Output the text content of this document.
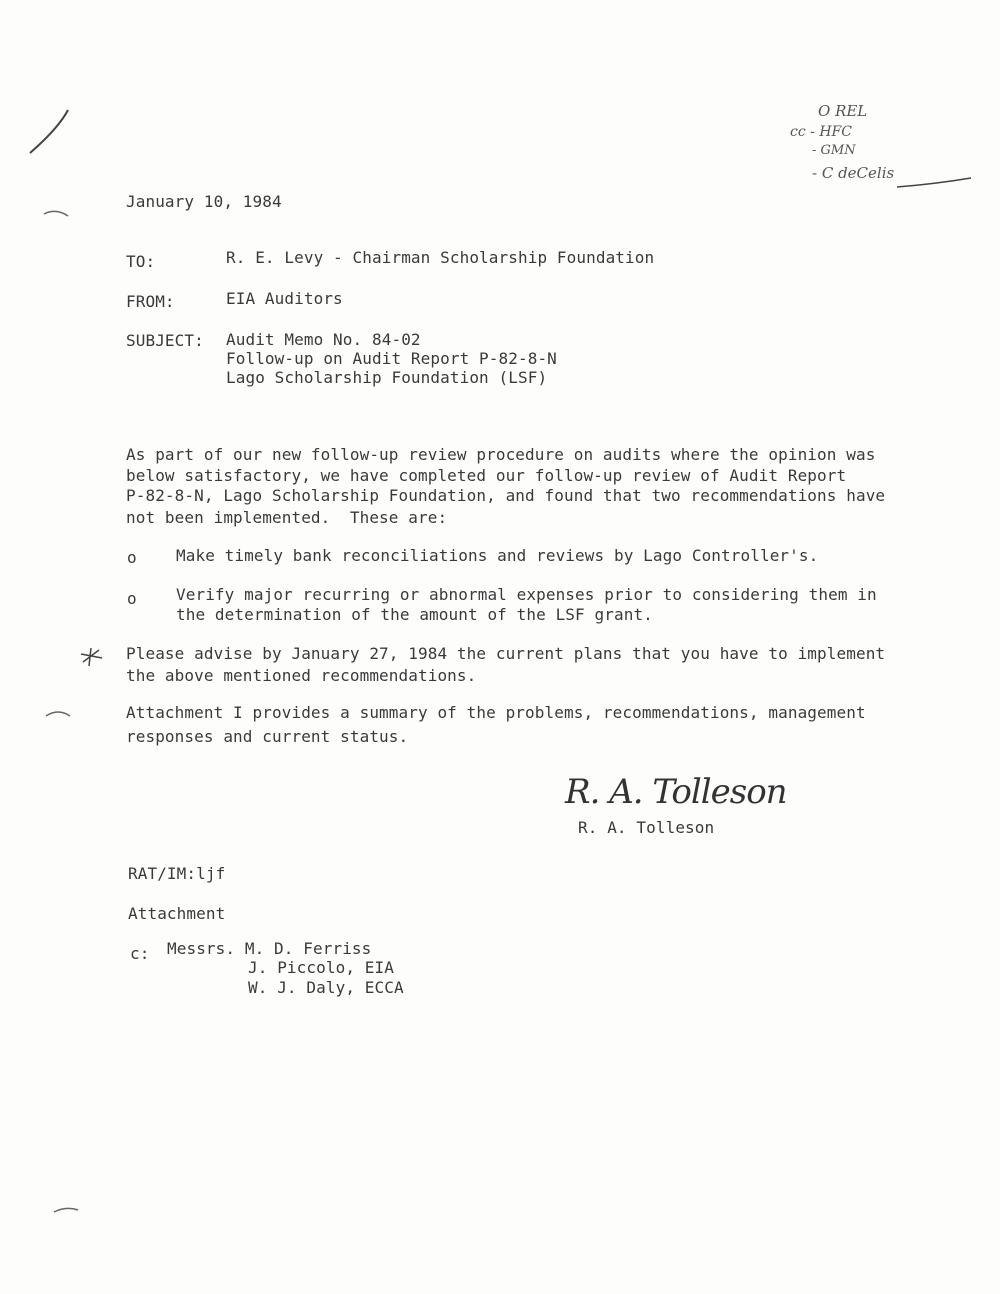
O REL
cc - HFC
- GMN
- C deCelis
January 10, 1984
TO:	R. E. Levy - Chairman Scholarship Foundation
FROM:	EIA Auditors
SUBJECT: Audit Memo No. 84-02
Follow-up on Audit Report P-82-8-N
Lago Scholarship Foundation (LSF)
As part of our new follow-up review procedure on audits where the opinion was
below satisfactory, we have completed our follow-up review of Audit Report
P-82-8-N, Lago Scholarship Foundation, and found that two recommendations have
not been implemented.  These are:
o Make timely bank reconciliations and reviews by Lago Controller's.
o Verify major recurring or abnormal expenses prior to considering them in
the determination of the amount of the LSF grant.
Please advise by January 27, 1984 the current plans that you have to implement
the above mentioned recommendations.
Attachment I provides a summary of the problems, recommendations, management
responses and current status.
R. A. Tolleson
R. A. Tolleson
RAT/IM:ljf
Attachment
c: Messrs. M. D. Ferriss
J. Piccolo, EIA
W. J. Daly, ECCA
